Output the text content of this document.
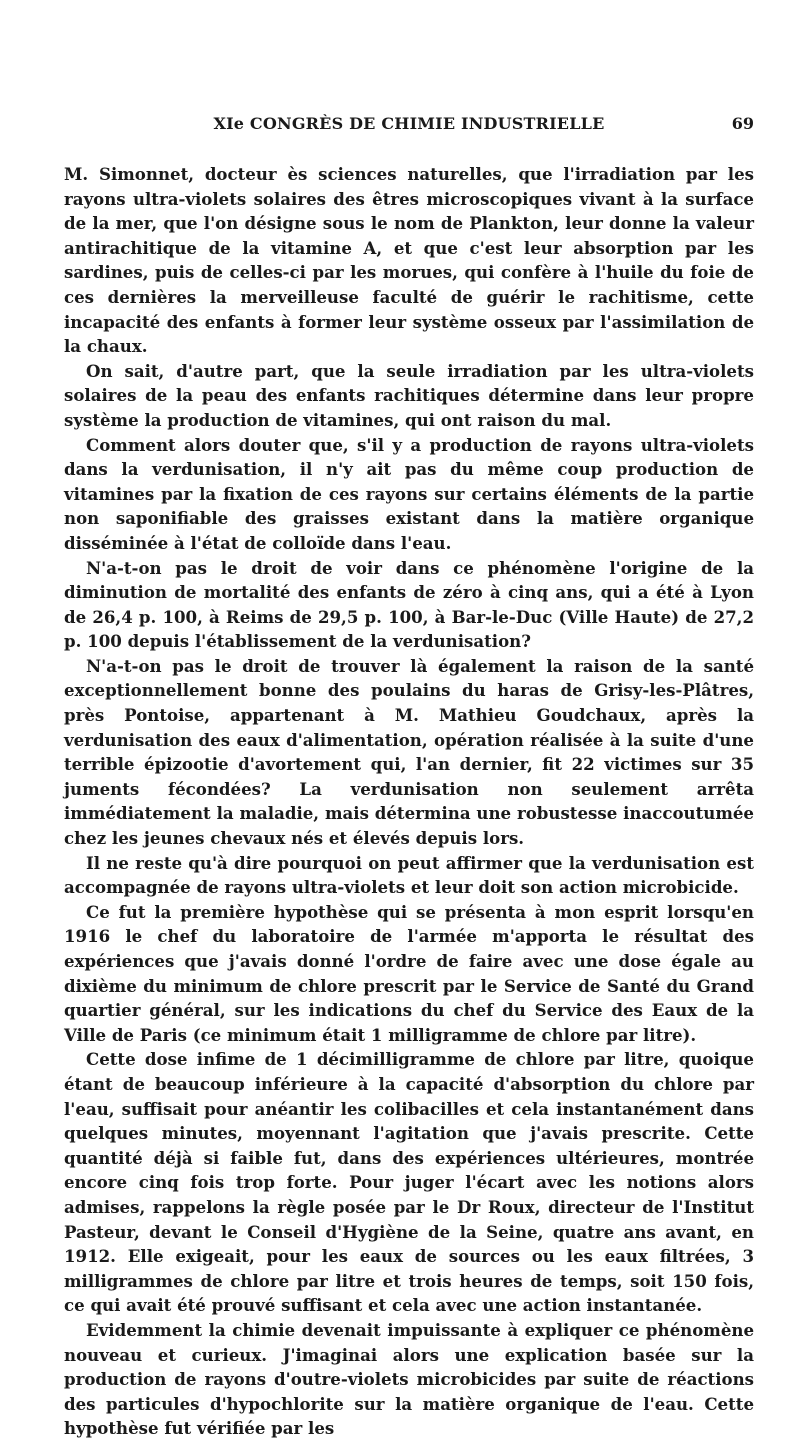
XIe CONGRÈS DE CHIMIE INDUSTRIELLE	69

M. Simonnet, docteur ès sciences naturelles, que l'irradiation par les rayons ultra-violets solaires des êtres microscopiques vivant à la surface de la mer, que l'on désigne sous le nom de Plankton, leur donne la valeur antirachitique de la vitamine A, et que c'est leur absorption par les sardines, puis de celles-ci par les morues, qui confère à l'huile du foie de ces dernières la merveilleuse faculté de guérir le rachitisme, cette incapacité des enfants à former leur système osseux par l'assimilation de la chaux.

On sait, d'autre part, que la seule irradiation par les ultra-violets solaires de la peau des enfants rachitiques détermine dans leur propre système la production de vitamines, qui ont raison du mal.

Comment alors douter que, s'il y a production de rayons ultra-violets dans la verdunisation, il n'y ait pas du même coup production de vitamines par la fixation de ces rayons sur certains éléments de la partie non saponifiable des graisses existant dans la matière organique disséminée à l'état de colloïde dans l'eau.

N'a-t-on pas le droit de voir dans ce phénomène l'origine de la diminution de mortalité des enfants de zéro à cinq ans, qui a été à Lyon de 26,4 p. 100, à Reims de 29,5 p. 100, à Bar-le-Duc (Ville Haute) de 27,2 p. 100 depuis l'établissement de la verdunisation?

N'a-t-on pas le droit de trouver là également la raison de la santé exceptionnellement bonne des poulains du haras de Grisy-les-Plâtres, près Pontoise, appartenant à M. Mathieu Goudchaux, après la verdunisation des eaux d'alimentation, opération réalisée à la suite d'une terrible épizootie d'avortement qui, l'an dernier, fit 22 victimes sur 35 juments fécondées? La verdunisation non seulement arrêta immédiatement la maladie, mais détermina une robustesse inaccoutumée chez les jeunes chevaux nés et élevés depuis lors.

Il ne reste qu'à dire pourquoi on peut affirmer que la verdunisation est accompagnée de rayons ultra-violets et leur doit son action microbicide.

Ce fut la première hypothèse qui se présenta à mon esprit lorsqu'en 1916 le chef du laboratoire de l'armée m'apporta le résultat des expériences que j'avais donné l'ordre de faire avec une dose égale au dixième du minimum de chlore prescrit par le Service de Santé du Grand quartier général, sur les indications du chef du Service des Eaux de la Ville de Paris (ce minimum était 1 milligramme de chlore par litre).

Cette dose infime de 1 décimilligramme de chlore par litre, quoique étant de beaucoup inférieure à la capacité d'absorption du chlore par l'eau, suffisait pour anéantir les colibacilles et cela instantanément dans quelques minutes, moyennant l'agitation que j'avais prescrite. Cette quantité déjà si faible fut, dans des expériences ultérieures, montrée encore cinq fois trop forte. Pour juger l'écart avec les notions alors admises, rappelons la règle posée par le Dr Roux, directeur de l'Institut Pasteur, devant le Conseil d'Hygiène de la Seine, quatre ans avant, en 1912. Elle exigeait, pour les eaux de sources ou les eaux filtrées, 3 milligrammes de chlore par litre et trois heures de temps, soit 150 fois, ce qui avait été prouvé suffisant et cela avec une action instantanée.

Evidemment la chimie devenait impuissante à expliquer ce phénomène nouveau et curieux. J'imaginai alors une explication basée sur la production de rayons d'outre-violets microbicides par suite de réactions des particules d'hypochlorite sur la matière organique de l'eau. Cette hypothèse fut vérifiée par les
